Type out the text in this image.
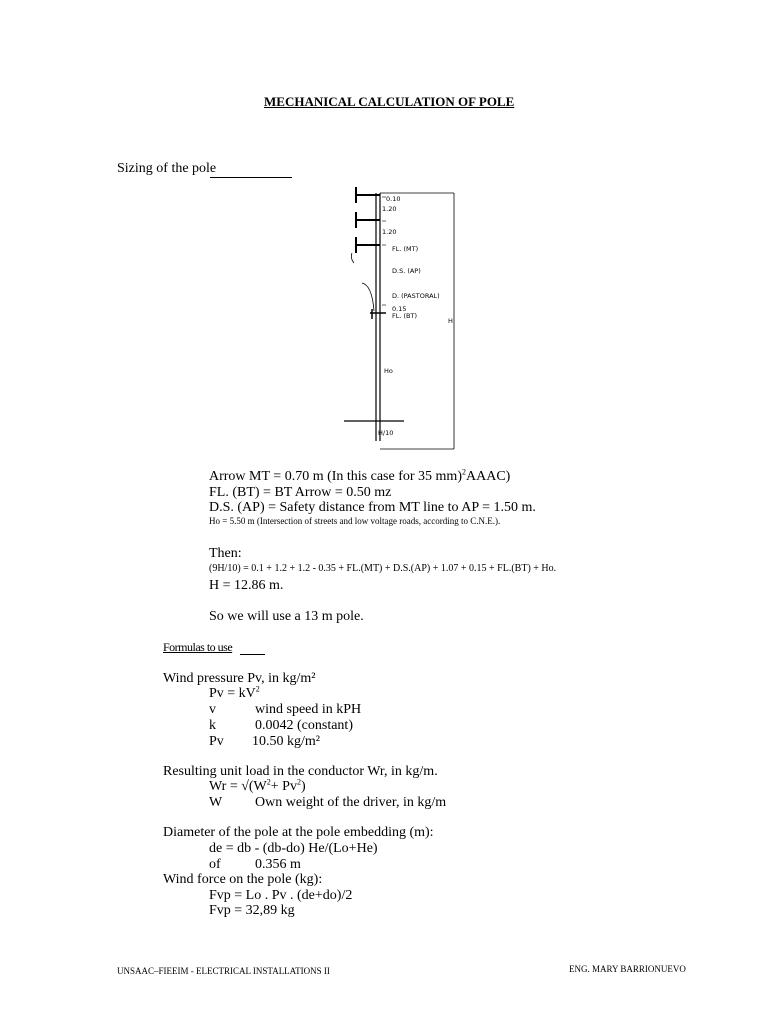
MECHANICAL CALCULATION OF POLE
Sizing of the pole
0.10
1.20
1.20
FL. (MT)
D.S. (AP)
D. (PASTORAL)
0.15
FL. (BT)
H
Ho
H/10
Arrow MT = 0.70 m (In this case for 35 mm)$^2$AAAC)
FL. (BT) = BT Arrow = 0.50 mz
D.S. (AP) = Safety distance from MT line to AP = 1.50 m.
Ho = 5.50 m (Intersection of streets and low voltage roads, according to C.N.E.).
Then:
(9H/10) = 0.1 + 1.2 + 1.2 - 0.35 + FL.(MT) + D.S.(AP) + 1.07 + 0.15 + FL.(BT) + Ho.
H = 12.86 m.
So we will use a 13 m pole.
Formulas to use
Wind pressure Pv, in kg/m²
$Pv = kV^2$
v	wind speed in kPH
k	0.0042 (constant)
Pv 10.50 kg/m²
Resulting unit load in the conductor Wr, in kg/m.
$Wr = √(W^2+ Pv^2)$
W Own weight of the driver, in kg/m
Diameter of the pole at the pole embedding (m):
de = db - (db-do) He/(Lo+He)
of 0.356 m
Wind force on the pole (kg):
Fvp = Lo . Pv . (de+do)/2
Fvp = 32,89 kg
UNSAAC–FIEEIM - ELECTRICAL INSTALLATIONS II	ENG. MARY BARRIONUEVO
